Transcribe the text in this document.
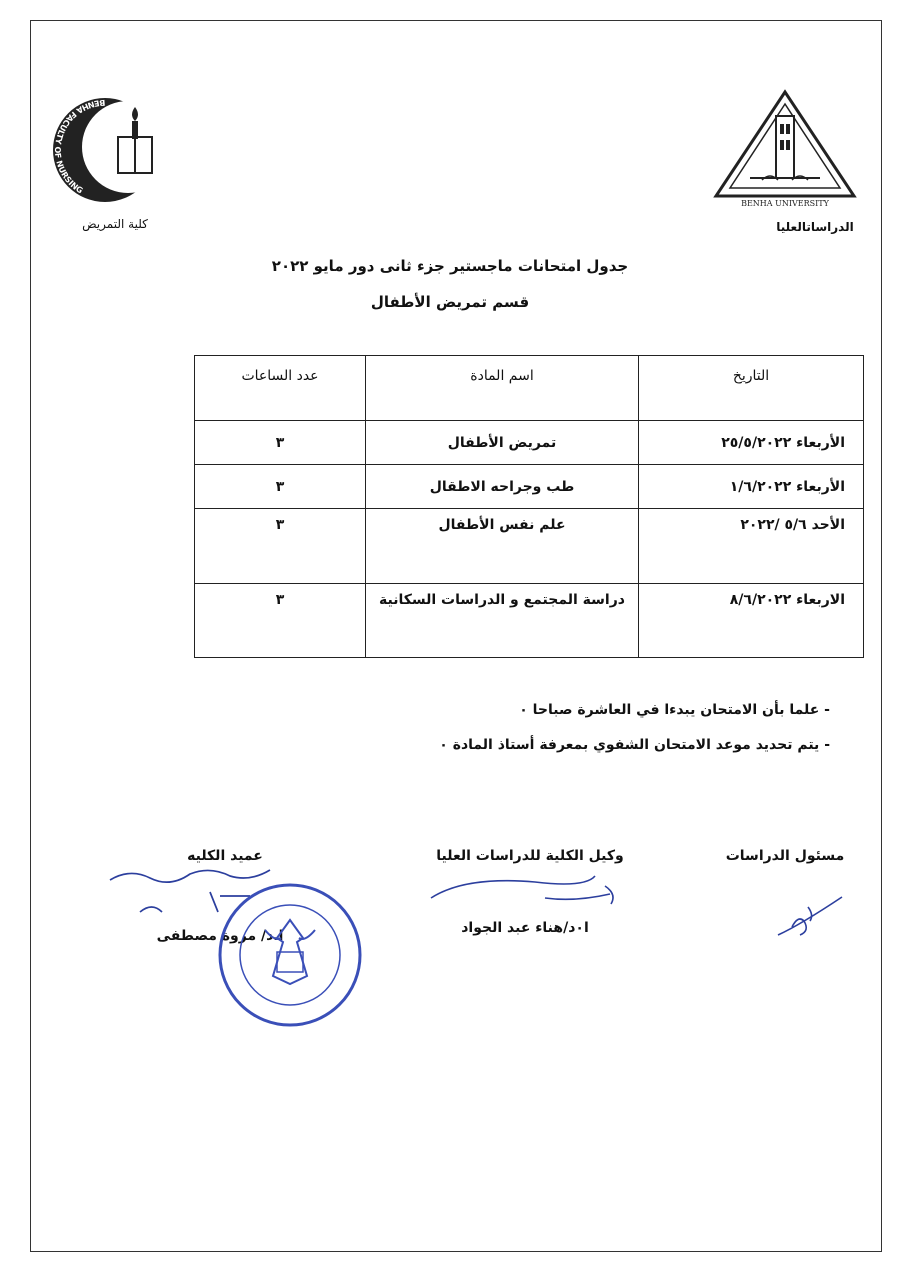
BENHA FACULTY OF NURSING
كلية التمريض
BENHA UNIVERSITY
الدراساتالعليا
جدول امتحانات ماجستير جزء ثانى دور مايو ٢٠٢٢
قسم تمريض الأطفال
التاريخ	اسم المادة	عدد الساعات
الأربعاء ٢٥/٥/٢٠٢٢	تمريض الأطفال	٣
الأربعاء ١/٦/٢٠٢٢	طب وجراحه الاطقال	٣
الأحد ٥/٦ /٢٠٢٢	علم نفس الأطفال	٣
الاربعاء ٨/٦/٢٠٢٢	دراسة المجتمع و الدراسات السكانية	٣
- علما بأن الامتحان يبدءا في العاشرة صباحا ٠
- يتم تحديد موعد الامتحان الشفوي بمعرفة أستاذ المادة ٠
مسئول الدراسات
وكيل الكلية للدراسات العليا
ا٠د/هناء عبد الجواد
عميد الكليه
ا.د/ مروة مصطفى
